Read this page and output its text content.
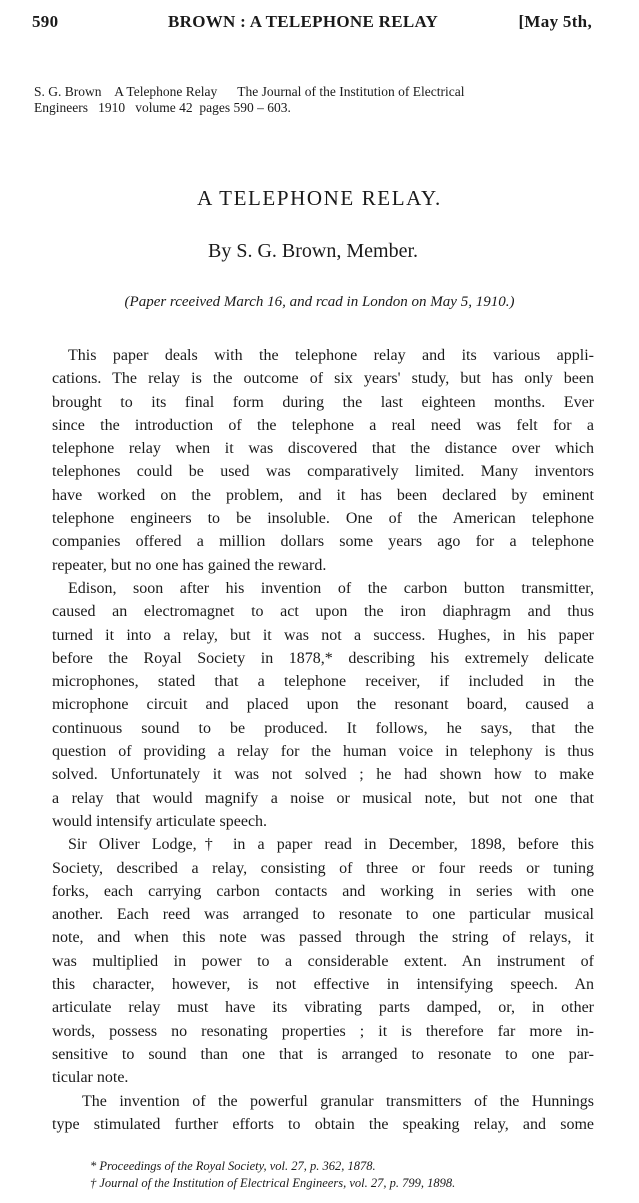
590	BROWN : A TELEPHONE RELAY	[May 5th,
S. G. Brown    A Telephone Relay      The Journal of the Institution of Electrical
Engineers   1910   volume 42  pages 590 – 603.
A TELEPHONE RELAY.
By S. G. Brown, Member.
(Paper rceeived March 16, and rcad in London on May 5, 1910.)

This paper deals with the telephone relay and its various appli-
cations. The relay is the outcome of six years' study, but has only been
brought to its final form during the last eighteen months. Ever
since the introduction of the telephone a real need was felt for a
telephone relay when it was discovered that the distance over which
telephones could be used was comparatively limited. Many inventors
have worked on the problem, and it has been declared by eminent
telephone engineers to be insoluble. One of the American telephone
companies offered a million dollars some years ago for a telephone
repeater, but no one has gained the reward.

Edison, soon after his invention of the carbon button transmitter,
caused an electromagnet to act upon the iron diaphragm and thus
turned it into a relay, but it was not a success. Hughes, in his paper
before the Royal Society in 1878,* describing his extremely delicate
microphones, stated that a telephone receiver, if included in the
microphone circuit and placed upon the resonant board, caused a
continuous sound to be produced. It follows, he says, that the
question of providing a relay for the human voice in telephony is thus
solved. Unfortunately it was not solved ; he had shown how to make
a relay that would magnify a noise or musical note, but not one that
would intensify articulate speech.

Sir Oliver Lodge,† in a paper read in December, 1898, before this
Society, described a relay, consisting of three or four reeds or tuning
forks, each carrying carbon contacts and working in series with one
another. Each reed was arranged to resonate to one particular musical
note, and when this note was passed through the string of relays, it
was multiplied in power to a considerable extent. An instrument of
this character, however, is not effective in intensifying speech. An
articulate relay must have its vibrating parts damped, or, in other
words, possess no resonating properties ; it is therefore far more in-
sensitive to sound than one that is arranged to resonate to one par-
ticular note.

The invention of the powerful granular transmitters of the Hunnings
type stimulated further efforts to obtain the speaking relay, and some

* Proceedings of the Royal Society, vol. 27, p. 362, 1878.
† Journal of the Institution of Electrical Engineers, vol. 27, p. 799, 1898.
